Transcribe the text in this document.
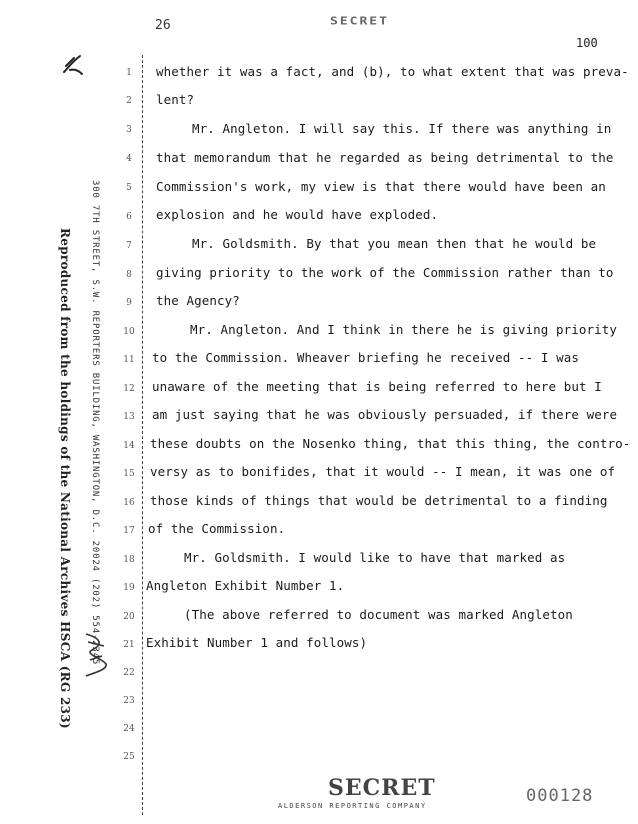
26	SECRET
100
Reproduced from the holdings of the National Archives HSCA (RG 233) 300 7TH STREET, S.W. REPORTERS BUILDING, WASHINGTON, D.C. 20024 (202) 554-2345
1
2
3
4
5
6
7
8
9
10
11
12
13
14
15
16
17
18
19
20
21
22
23
24
25
whether it was a fact, and (b), to what extent that was preva-
lent?
Mr. Angleton. I will say this. If there was anything in
that memorandum that he regarded as being detrimental to the
Commission's work, my view is that there would have been an
explosion and he would have exploded.
Mr. Goldsmith. By that you mean then that he would be
giving priority to the work of the Commission rather than to
the Agency?
Mr. Angleton. And I think in there he is giving priority
to the Commission. Wheaver briefing he received -- I was
unaware of the meeting that is being referred to here but I
am just saying that he was obviously persuaded, if there were
these doubts on the Nosenko thing, that this thing, the contro-
versy as to bonifides, that it would -- I mean, it was one of
those kinds of things that would be detrimental to a finding
of the Commission.
Mr. Goldsmith. I would like to have that marked as
Angleton Exhibit Number 1.
(The above referred to document was marked Angleton
Exhibit Number 1 and follows)
SECRET
ALDERSON REPORTING COMPANY	000128
